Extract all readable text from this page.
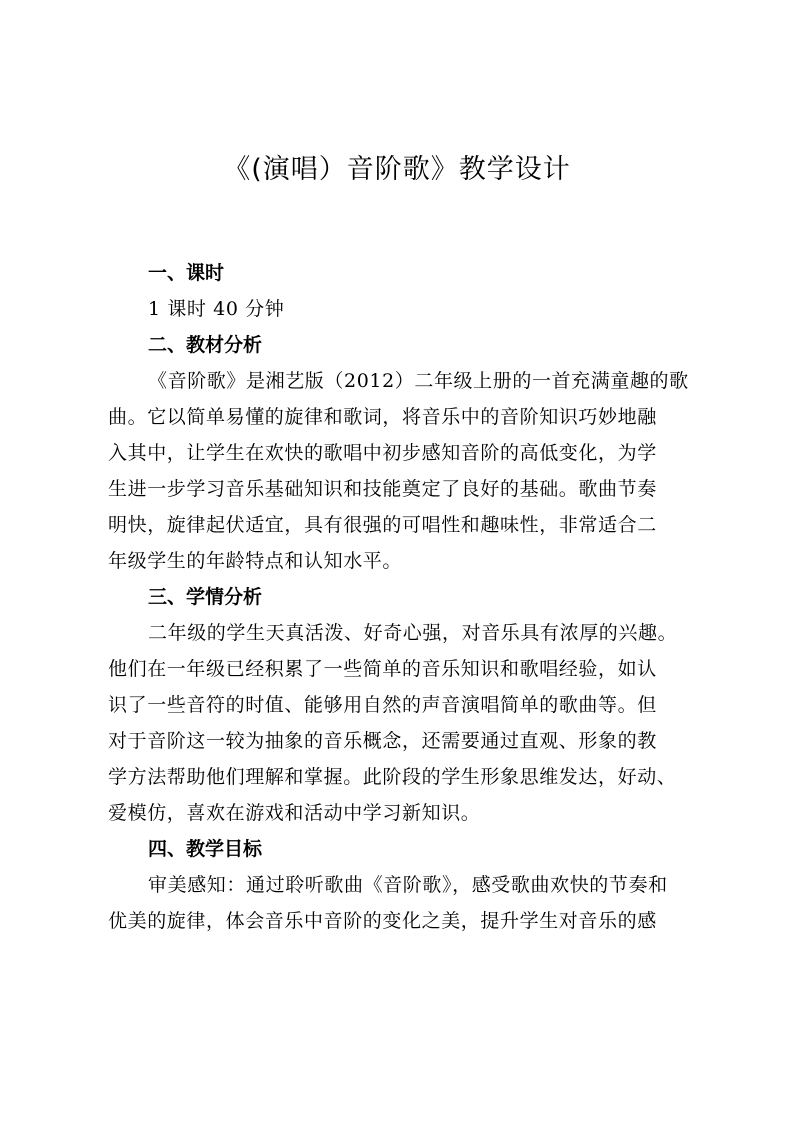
《(演唱）音阶歌》教学设计
一、课时
1 课时 40 分钟
二、教材分析
《音阶歌》是湘艺版（2012）二年级上册的一首充满童趣的歌
曲。它以简单易懂的旋律和歌词，将音乐中的音阶知识巧妙地融
入其中，让学生在欢快的歌唱中初步感知音阶的高低变化，为学
生进一步学习音乐基础知识和技能奠定了良好的基础。歌曲节奏
明快，旋律起伏适宜，具有很强的可唱性和趣味性，非常适合二
年级学生的年龄特点和认知水平。
三、学情分析
二年级的学生天真活泼、好奇心强，对音乐具有浓厚的兴趣。
他们在一年级已经积累了一些简单的音乐知识和歌唱经验，如认
识了一些音符的时值、能够用自然的声音演唱简单的歌曲等。但
对于音阶这一较为抽象的音乐概念，还需要通过直观、形象的教
学方法帮助他们理解和掌握。此阶段的学生形象思维发达，好动、
爱模仿，喜欢在游戏和活动中学习新知识。
四、教学目标
审美感知：通过聆听歌曲《音阶歌》，感受歌曲欢快的节奏和
优美的旋律，体会音乐中音阶的变化之美，提升学生对音乐的感
